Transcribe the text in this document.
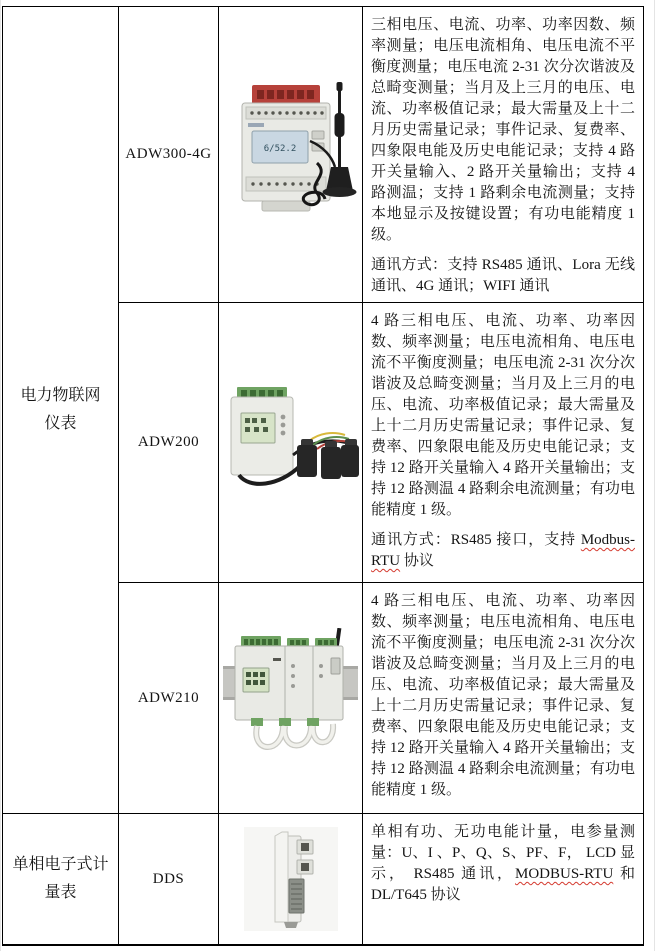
电力物联网
仪表
ADW300-4G	6/52.2

三相电压、电流、功率、功率因数、频率测量；电压电流相角、电压电流不平衡度测量；电压电流 2-31 次分次谐波及总畸变测量；当月及上三月的电压、电流、功率极值记录；最大需量及上十二月历史需量记录；事件记录、复费率、四象限电能及历史电能记录；支持 4 路开关量输入、2 路开关量输出；支持 4 路测温；支持 1 路剩余电流测量；支持本地显示及按键设置；有功电能精度 1 级。

通讯方式：支持 RS485 通讯、Lora 无线通讯、4G 通讯；WIFI 通讯

ADW200

4 路三相电压、电流、功率、功率因数、频率测量；电压电流相角、电压电流不平衡度测量；电压电流 2-31 次分次谐波及总畸变测量；当月及上三月的电压、电流、功率极值记录；最大需量及上十二月历史需量记录；事件记录、复费率、四象限电能及历史电能记录；支持 12 路开关量输入 4 路开关量输出；支持 12 路测温 4 路剩余电流测量；有功电能精度 1 级。

通讯方式：RS485 接口，支持 Modbus-RTU 协议

ADW210

4 路三相电压、电流、功率、功率因数、频率测量；电压电流相角、电压电流不平衡度测量；电压电流 2-31 次分次谐波及总畸变测量；当月及上三月的电压、电流、功率极值记录；最大需量及上十二月历史需量记录；事件记录、复费率、四象限电能及历史电能记录；支持 12 路开关量输入 4 路开关量输出；支持 12 路测温 4 路剩余电流测量；有功电能精度 1 级。

单相电子式计
量表
DDS

单相有功、无功电能计量，电参量测量：U、I 、P、Q、S、PF、F， LCD 显示， RS485 通讯，MODBUS-RTU 和 DL/T645 协议
